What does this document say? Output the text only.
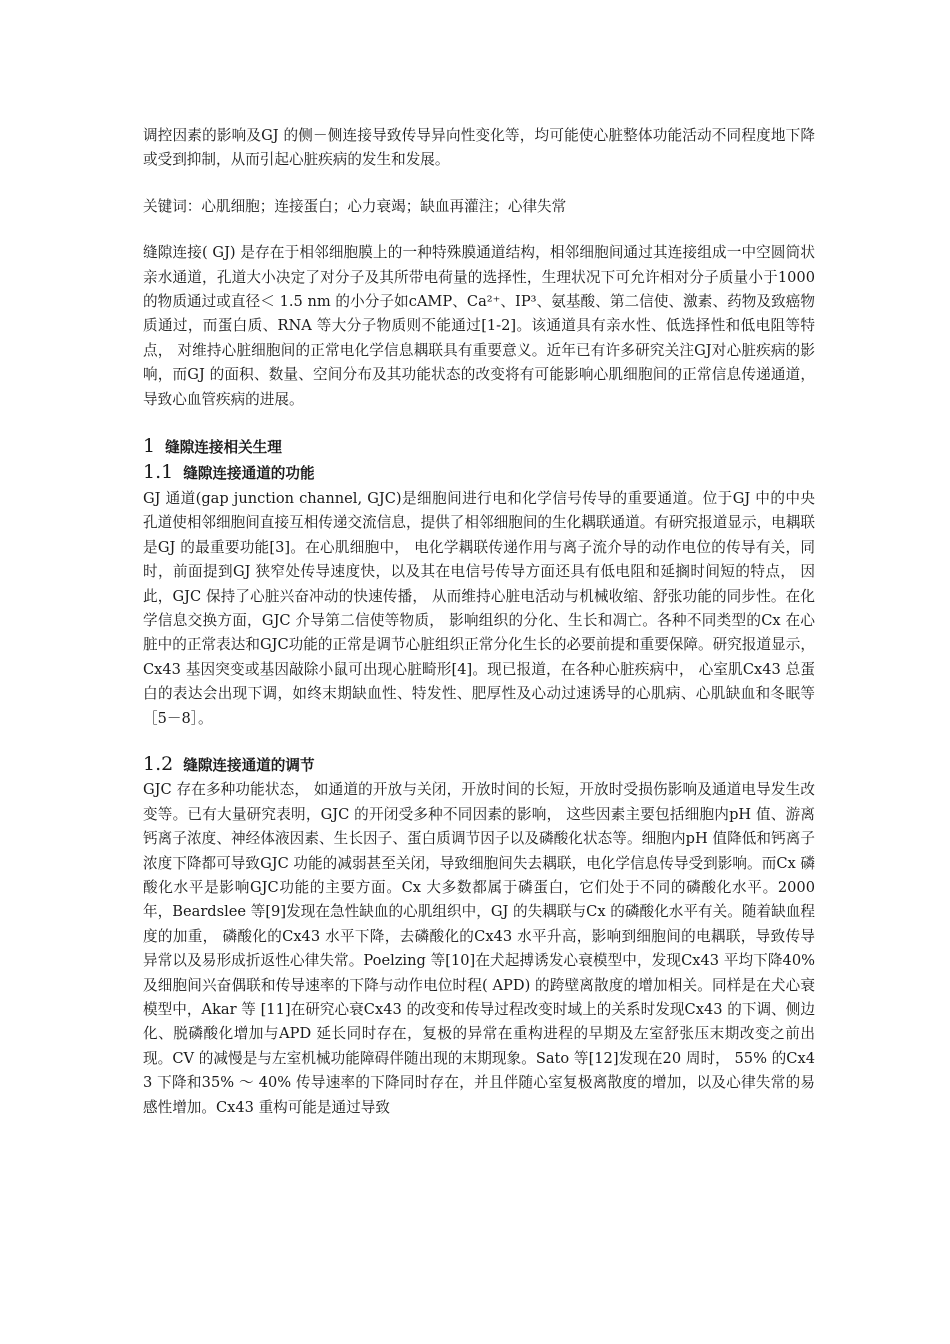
调控因素的影响及GJ 的侧－侧连接导致传导异向性变化等，均可能使心脏整体功能活动不同程度地下降或受到抑制，从而引起心脏疾病的发生和发展。

关键词：心肌细胞；连接蛋白；心力衰竭；缺血再灌注；心律失常

缝隙连接( GJ) 是存在于相邻细胞膜上的一种特殊膜通道结构，相邻细胞间通过其连接组成一中空圆筒状亲水通道，孔道大小决定了对分子及其所带电荷量的选择性，生理状况下可允许相对分子质量小于1000 的物质通过或直径＜ 1.5 nm 的小分子如cAMP、Ca²⁺、IP³、氨基酸、第二信使、激素、药物及致癌物质通过，而蛋白质、RNA 等大分子物质则不能通过[1-2]。该通道具有亲水性、低选择性和低电阻等特点， 对维持心脏细胞间的正常电化学信息耦联具有重要意义。近年已有许多研究关注GJ对心脏疾病的影响，而GJ 的面积、数量、空间分布及其功能状态的改变将有可能影响心肌细胞间的正常信息传递通道，导致心血管疾病的进展。

1 缝隙连接相关生理
1.1 缝隙连接通道的功能

GJ 通道(gap junction channel, GJC)是细胞间进行电和化学信号传导的重要通道。位于GJ 中的中央孔道使相邻细胞间直接互相传递交流信息，提供了相邻细胞间的生化耦联通道。有研究报道显示，电耦联是GJ 的最重要功能[3]。在心肌细胞中， 电化学耦联传递作用与离子流介导的动作电位的传导有关，同时，前面提到GJ 狭窄处传导速度快，以及其在电信号传导方面还具有低电阻和延搁时间短的特点， 因此，GJC 保持了心脏兴奋冲动的快速传播， 从而维持心脏电活动与机械收缩、舒张功能的同步性。在化学信息交换方面，GJC 介导第二信使等物质， 影响组织的分化、生长和凋亡。各种不同类型的Cx 在心脏中的正常表达和GJC功能的正常是调节心脏组织正常分化生长的必要前提和重要保障。研究报道显示，Cx43 基因突变或基因敲除小鼠可出现心脏畸形[4]。现已报道，在各种心脏疾病中， 心室肌Cx43 总蛋白的表达会出现下调，如终末期缺血性、特发性、肥厚性及心动过速诱导的心肌病、心肌缺血和冬眠等［5－8］。

1.2 缝隙连接通道的调节

GJC 存在多种功能状态， 如通道的开放与关闭，开放时间的长短，开放时受损伤影响及通道电导发生改变等。已有大量研究表明，GJC 的开闭受多种不同因素的影响， 这些因素主要包括细胞内pH 值、游离钙离子浓度、神经体液因素、生长因子、蛋白质调节因子以及磷酸化状态等。细胞内pH 值降低和钙离子浓度下降都可导致GJC 功能的减弱甚至关闭，导致细胞间失去耦联，电化学信息传导受到影响。而Cx 磷酸化水平是影响GJC功能的主要方面。Cx 大多数都属于磷蛋白，它们处于不同的磷酸化水平。2000 年，Beardslee 等[9]发现在急性缺血的心肌组织中，GJ 的失耦联与Cx 的磷酸化水平有关。随着缺血程度的加重， 磷酸化的Cx43 水平下降，去磷酸化的Cx43 水平升高，影响到细胞间的电耦联，导致传导异常以及易形成折返性心律失常。Poelzing 等[10]在犬起搏诱发心衰模型中，发现Cx43 平均下降40%及细胞间兴奋偶联和传导速率的下降与动作电位时程( APD) 的跨壁离散度的增加相关。同样是在犬心衰模型中，Akar 等 [11]在研究心衰Cx43 的改变和传导过程改变时域上的关系时发现Cx43 的下调、侧边化、脱磷酸化增加与APD 延长同时存在，复极的异常在重构进程的早期及左室舒张压末期改变之前出现。CV 的减慢是与左室机械功能障碍伴随出现的末期现象。Sato 等[12]发现在20 周时， 55% 的Cx43 下降和35% ～ 40% 传导速率的下降同时存在，并且伴随心室复极离散度的增加，以及心律失常的易感性增加。Cx43 重构可能是通过导致
